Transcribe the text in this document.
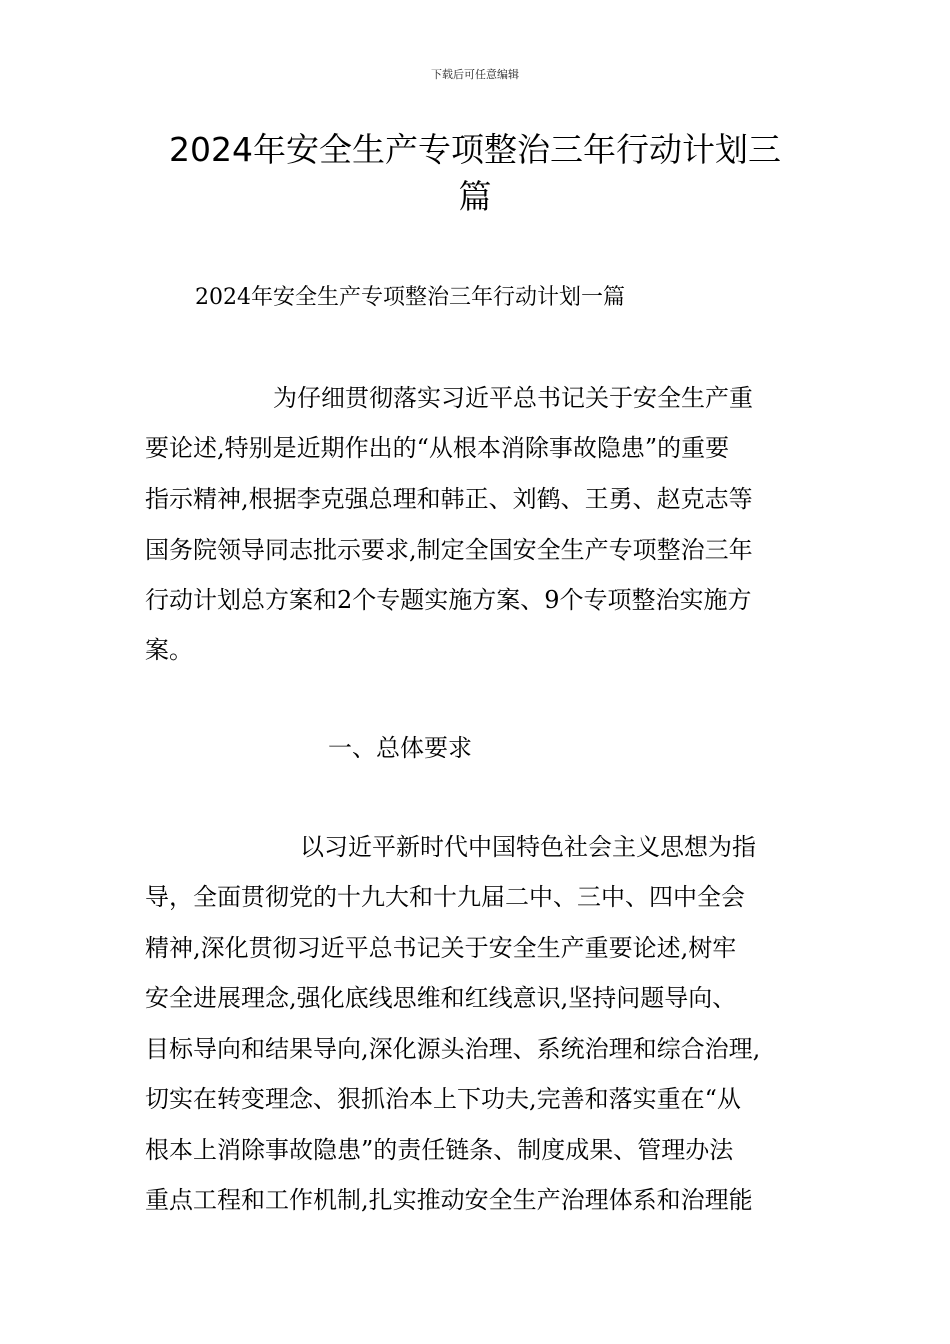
下载后可任意编辑
2024年安全生产专项整治三年行动计划三
篇
2024年安全生产专项整治三年行动计划一篇
为仔细贯彻落实习近平总书记关于安全生产重
要论述,特别是近期作出的“从根本消除事故隐患”的重要
指示精神,根据李克强总理和韩正、刘鹤、王勇、赵克志等
国务院领导同志批示要求,制定全国安全生产专项整治三年
行动计划总方案和2个专题实施方案、9个专项整治实施方
案。
一、总体要求
以习近平新时代中国特色社会主义思想为指
导，全面贯彻党的十九大和十九届二中、三中、四中全会
精神,深化贯彻习近平总书记关于安全生产重要论述,树牢
安全进展理念,强化底线思维和红线意识,坚持问题导向、
目标导向和结果导向,深化源头治理、系统治理和综合治理,
切实在转变理念、狠抓治本上下功夫,完善和落实重在“从
根本上消除事故隐患”的责任链条、制度成果、管理办法
重点工程和工作机制,扎实推动安全生产治理体系和治理能
